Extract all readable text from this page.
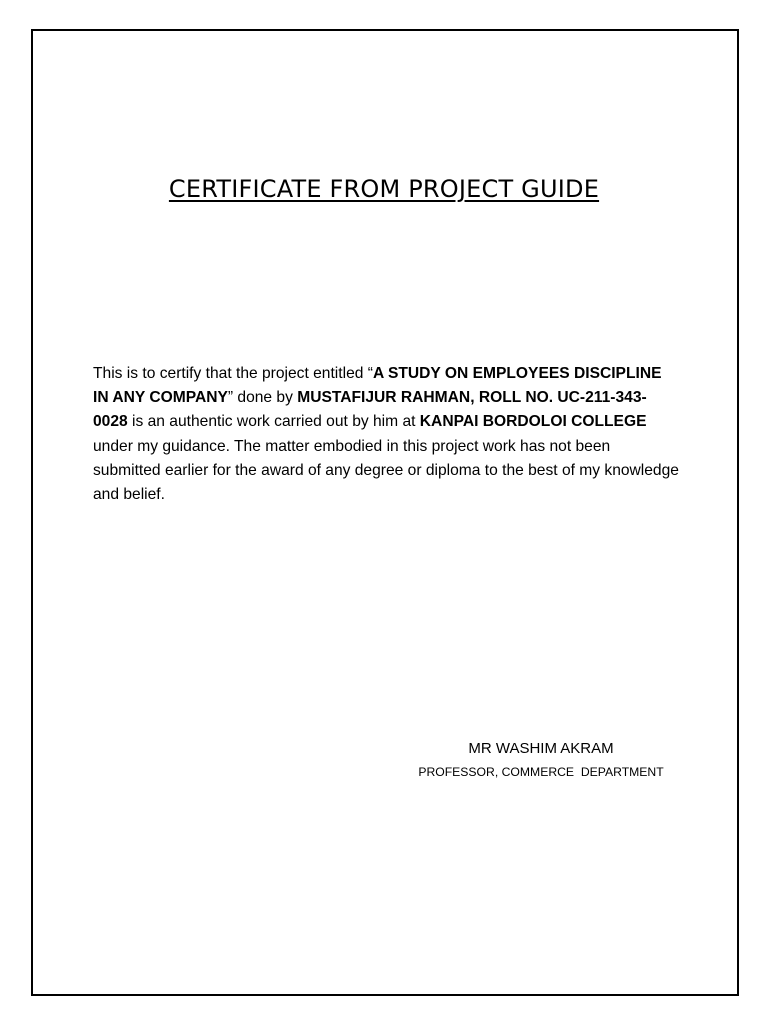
CERTIFICATE FROM PROJECT GUIDE
This is to certify that the project entitled “A STUDY ON EMPLOYEES DISCIPLINE IN ANY COMPANY” done by MUSTAFIJUR RAHMAN, ROLL NO. UC-211-343-0028 is an authentic work carried out by him at KANPAI BORDOLOI COLLEGE under my guidance. The matter embodied in this project work has not been submitted earlier for the award of any degree or diploma to the best of my knowledge and belief.
MR WASHIM AKRAM
PROFESSOR, COMMERCE  DEPARTMENT
